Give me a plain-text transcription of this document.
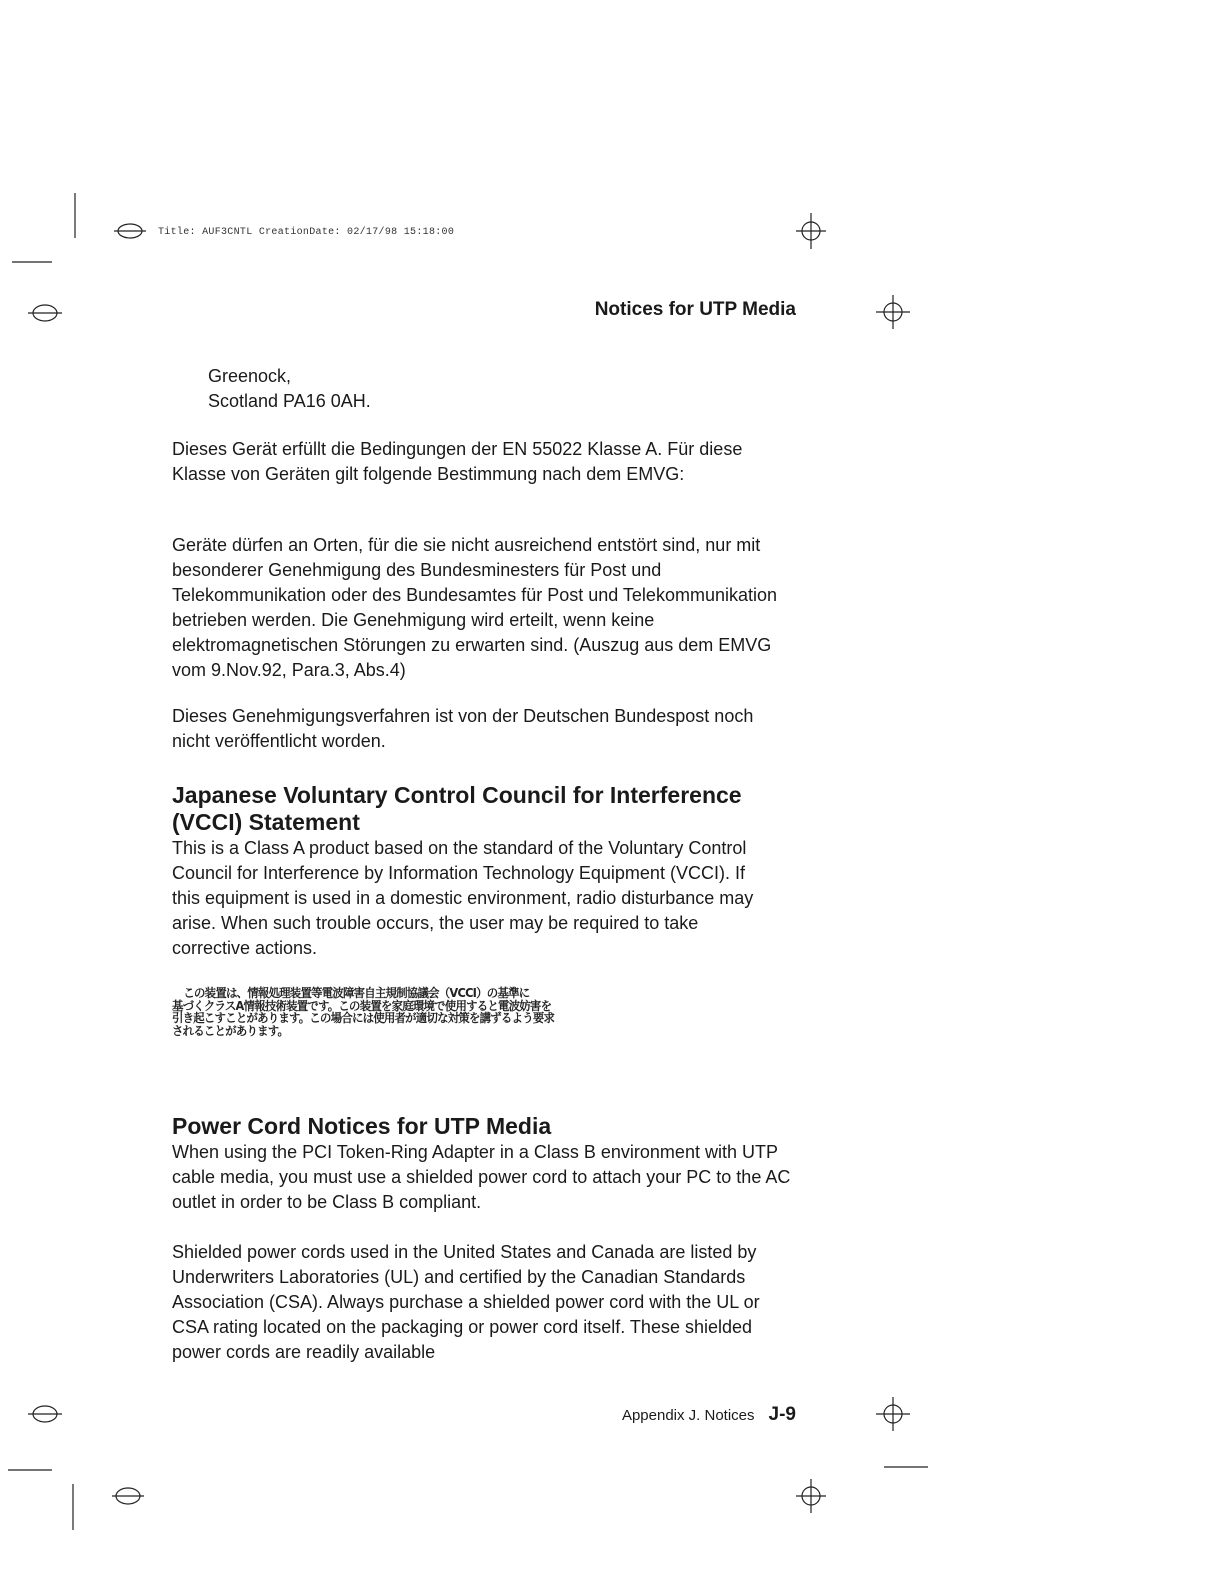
Title: AUF3CNTL CreationDate: 02/17/98 15:18:00
Notices for UTP Media

Greenock,

Scotland PA16 0AH.

Dieses Gerät erfüllt die Bedingungen der EN 55022 Klasse A. Für diese Klasse von Geräten gilt folgende Bestimmung nach dem EMVG:

Geräte dürfen an Orten, für die sie nicht ausreichend entstört sind, nur mit besonderer Genehmigung des Bundesminesters für Post und Telekommunikation oder des Bundesamtes für Post und Telekommunikation betrieben werden. Die Genehmigung wird erteilt, wenn keine elektromagnetischen Störungen zu erwarten sind. (Auszug aus dem EMVG vom 9.Nov.92, Para.3, Abs.4)

Dieses Genehmigungsverfahren ist von der Deutschen Bundespost noch nicht veröffentlicht worden.

Japanese Voluntary Control Council for Interference (VCCI) Statement

This is a Class A product based on the standard of the Voluntary Control Council for Interference by Information Technology Equipment (VCCI). If this equipment is used in a domestic environment, radio disturbance may arise. When such trouble occurs, the user may be required to take corrective actions.

この装置は、情報処理装置等電波障害自主規制協議会（VCCI）の基準に
基づくクラスA情報技術装置です。この装置を家庭環境で使用すると電波妨害を
引き起こすことがあります。この場合には使用者が適切な対策を講ずるよう要求
されることがあります。
Power Cord Notices for UTP Media

When using the PCI Token-Ring Adapter in a Class B environment with UTP cable media, you must use a shielded power cord to attach your PC to the AC outlet in order to be Class B compliant.

Shielded power cords used in the United States and Canada are listed by Underwriters Laboratories (UL) and certified by the Canadian Standards Association (CSA). Always purchase a shielded power cord with the UL or CSA rating located on the packaging or power cord itself. These shielded power cords are readily available

Appendix J. Notices J-9
